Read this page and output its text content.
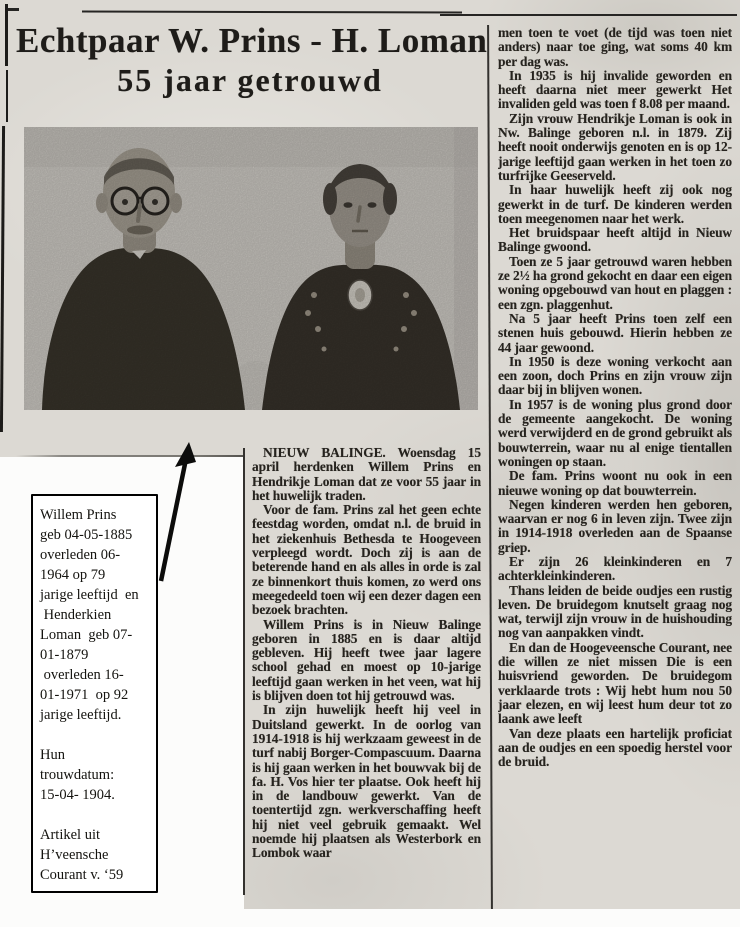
Echtpaar W. Prins - H. Loman
55 jaar getrouwd

NIEUW BALINGE. Woensdag 15 april herdenken Willem Prins en Hendrikje Loman dat ze voor 55 jaar in het huwelijk traden.

Voor de fam. Prins zal het geen echte feestdag worden, omdat n.l. de bruid in het ziekenhuis Bethesda te Hoogeveen verpleegd wordt. Doch zij is aan de beterende hand en als alles in orde is zal ze binnenkort thuis komen, zo werd ons meegedeeld toen wij een dezer dagen een bezoek brachten.

Willem Prins is in Nieuw Balinge geboren in 1885 en is daar altijd gebleven. Hij heeft twee jaar lagere school gehad en moest op 10-jarige leeftijd gaan werken in het veen, wat hij is blijven doen tot hij getrouwd was.

In zijn huwelijk heeft hij veel in Duitsland gewerkt. In de oorlog van 1914-1918 is hij werkzaam geweest in de turf nabij Borger-Compascuum. Daarna is hij gaan werken in het bouwvak bij de fa. H. Vos hier ter plaatse. Ook heeft hij in de landbouw gewerkt. Van de toentertijd zgn. werkverschaffing heeft hij niet veel gebruik gemaakt. Wel noemde hij plaatsen als Westerbork en Lombok waar

men toen te voet (de tijd was toen niet anders) naar toe ging, wat soms 40 km per dag was.

In 1935 is hij invalide geworden en heeft daarna niet meer gewerkt Het invaliden geld was toen f 8.08 per maand.

Zijn vrouw Hendrikje Loman is ook in Nw. Balinge geboren n.l. in 1879. Zij heeft nooit onderwijs genoten en is op 12-jarige leeftijd gaan werken in het toen zo turfrijke Geeserveld.

In haar huwelijk heeft zij ook nog gewerkt in de turf. De kinderen werden toen meegenomen naar het werk.

Het bruidspaar heeft altijd in Nieuw Balinge gwoond.

Toen ze 5 jaar getrouwd waren hebben ze 2½ ha grond gekocht en daar een eigen woning opgebouwd van hout en plaggen : een zgn. plaggenhut.

Na 5 jaar heeft Prins toen zelf een stenen huis gebouwd. Hierin hebben ze 44 jaar gewoond.

In 1950 is deze woning verkocht aan een zoon, doch Prins en zijn vrouw zijn daar bij in blijven wonen.

In 1957 is de woning plus grond door de gemeente aangekocht. De woning werd verwijderd en de grond gebruikt als bouwterrein, waar nu al enige tientallen woningen op staan.

De fam. Prins woont nu ook in een nieuwe woning op dat bouwterrein.

Negen kinderen werden hen geboren, waarvan er nog 6 in leven zijn. Twee zijn in 1914-1918 overleden aan de Spaanse griep.

Er zijn 26 kleinkinderen en 7 achterkleinkinderen.

Thans leiden de beide oudjes een rustig leven. De bruidegom knutselt graag nog wat, terwijl zijn vrouw in de huishouding nog van aanpakken vindt.

En dan de Hoogeveensche Courant, nee die willen ze niet missen Die is een huisvriend geworden. De bruidegom verklaarde trots : Wij hebt hum nou 50 jaar elezen, en wij leest hum deur tot zo laank awe leeft

Van deze plaats een hartelijk proficiat aan de oudjes en een spoedig herstel voor de bruid.

Willem Prins
geb 04-05-1885
overleden 06-
1964 op 79
jarige leeftijd  en
Henderkien
Loman  geb 07-
01-1879
overleden 16-
01-1971  op 92
jarige leeftijd.
Hun
trouwdatum:
15-04- 1904.
Artikel uit
H’veensche
Courant v. ‘59
